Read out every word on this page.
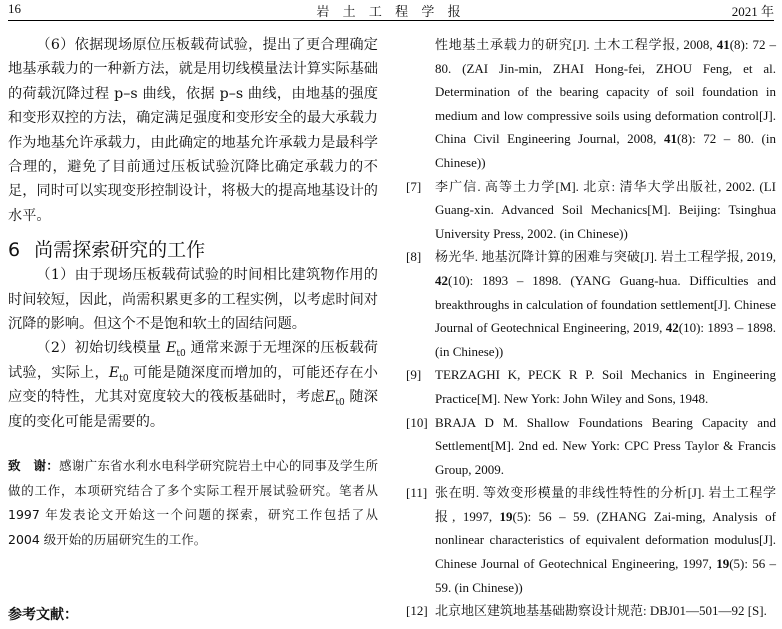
16	岩 土 工 程 学 报	2021 年

（6）依据现场原位压板载荷试验，提出了更合理确定地基承载力的一种新方法，就是用切线模量法计算实际基础的荷载沉降过程 p–s 曲线，依据 p–s 曲线，由地基的强度和变形双控的方法，确定满足强度和变形安全的最大承载力作为地基允许承载力，由此确定的地基允许承载力是最科学合理的，避免了目前通过压板试验沉降比确定承载力的不足，同时可以实现变形控制设计，将极大的提高地基设计的水平。

6 尚需探索研究的工作

（1）由于现场压板载荷试验的时间相比建筑物作用的时间较短，因此，尚需积累更多的工程实例，以考虑时间对沉降的影响。但这个不是饱和软土的固结问题。

（2）初始切线模量 $E_{t0}$ 通常来源于无埋深的压板载荷试验，实际上，$E_{t0}$ 可能是随深度而增加的，可能还存在小应变的特性，尤其对宽度较大的筏板基础时，考虑$E_{t0}$ 随深度的变化可能是需要的。

致　谢：感谢广东省水利水电科学研究院岩土中心的同事及学生所做的工作，本项研究结合了多个实际工程开展试验研究。笔者从 1997 年发表论文开始这一个问题的探索，研究工作包括了从 2004 级开始的历届研究生的工作。
参考文献：
性地基土承载力的研究[J]. 土木工程学报, 2008, 41(8): 72 – 80. (ZAI Jin-min, ZHAI Hong-fei, ZHOU Feng, et al. Determination of the bearing capacity of soil foundation in medium and low compressive soils using deformation control[J]. China Civil Engineering Journal, 2008, 41(8): 72 – 80. (in Chinese))
[7] 李广信. 高等土力学[M]. 北京: 清华大学出版社, 2002. (LI Guang-xin. Advanced Soil Mechanics[M]. Beijing: Tsinghua University Press, 2002. (in Chinese))
[8] 杨光华. 地基沉降计算的困难与突破[J]. 岩土工程学报, 2019, 42(10): 1893 – 1898. (YANG Guang-hua. Difficulties and breakthroughs in calculation of foundation settlement[J]. Chinese Journal of Geotechnical Engineering, 2019, 42(10): 1893 – 1898. (in Chinese))
[9] TERZAGHI K, PECK R P. Soil Mechanics in Engineering Practice[M]. New York: John Wiley and Sons, 1948.
[10] BRAJA D M. Shallow Foundations Bearing Capacity and Settlement[M]. 2nd ed. New York: CPC Press Taylor & Francis Group, 2009.
[11] 张在明. 等效变形模量的非线性特性的分析[J]. 岩土工程学报, 1997, 19(5): 56 – 59. (ZHANG Zai-ming, Analysis of nonlinear characteristics of equivalent deformation modulus[J]. Chinese Journal of Geotechnical Engineering, 1997, 19(5): 56 – 59. (in Chinese))
[12] 北京地区建筑地基基础勘察设计规范: DBJ01—501—92 [S].
